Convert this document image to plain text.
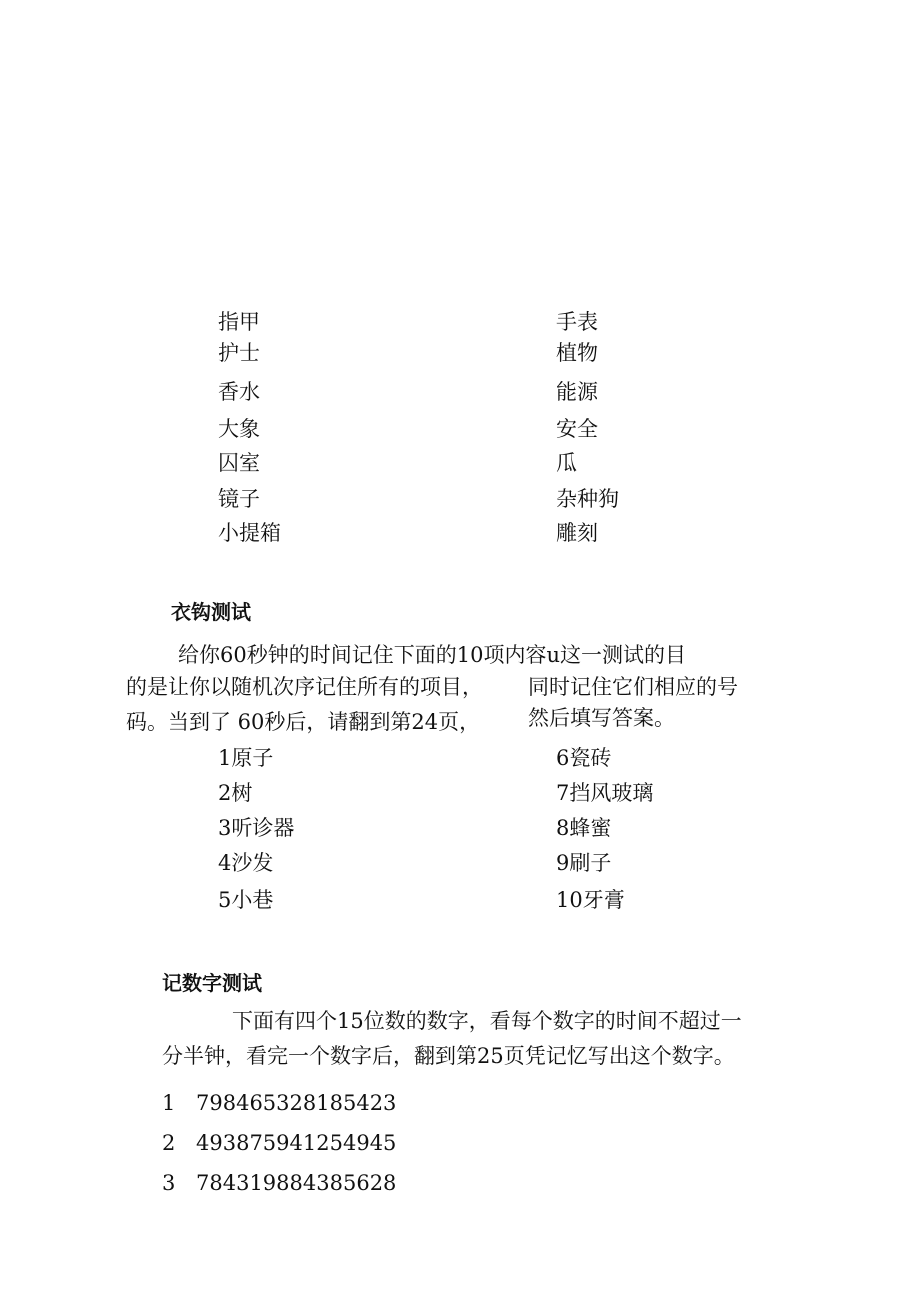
指甲
护士
香水
大象
囚室
镜子
小提箱
手表
植物
能源
安全
瓜
杂种狗
雕刻
衣钩测试
给你60秒钟的时间记住下面的10项内容u这一测试的目
的是让你以随机次序记住所有的项目， 同时记住它们相应的号
码。当到了 60秒后，请翻到第24页， 然后填写答案。
1原子
2树
3听诊器
4沙发
5小巷
6瓷砖
7挡风玻璃
8蜂蜜
9刷子
10牙膏
记数字测试
下面有四个15位数的数字，看每个数字的时间不超过一
分半钟，看完一个数字后，翻到第25页凭记忆写出这个数字。
1 798465328185423
2 493875941254945
3 784319884385628
